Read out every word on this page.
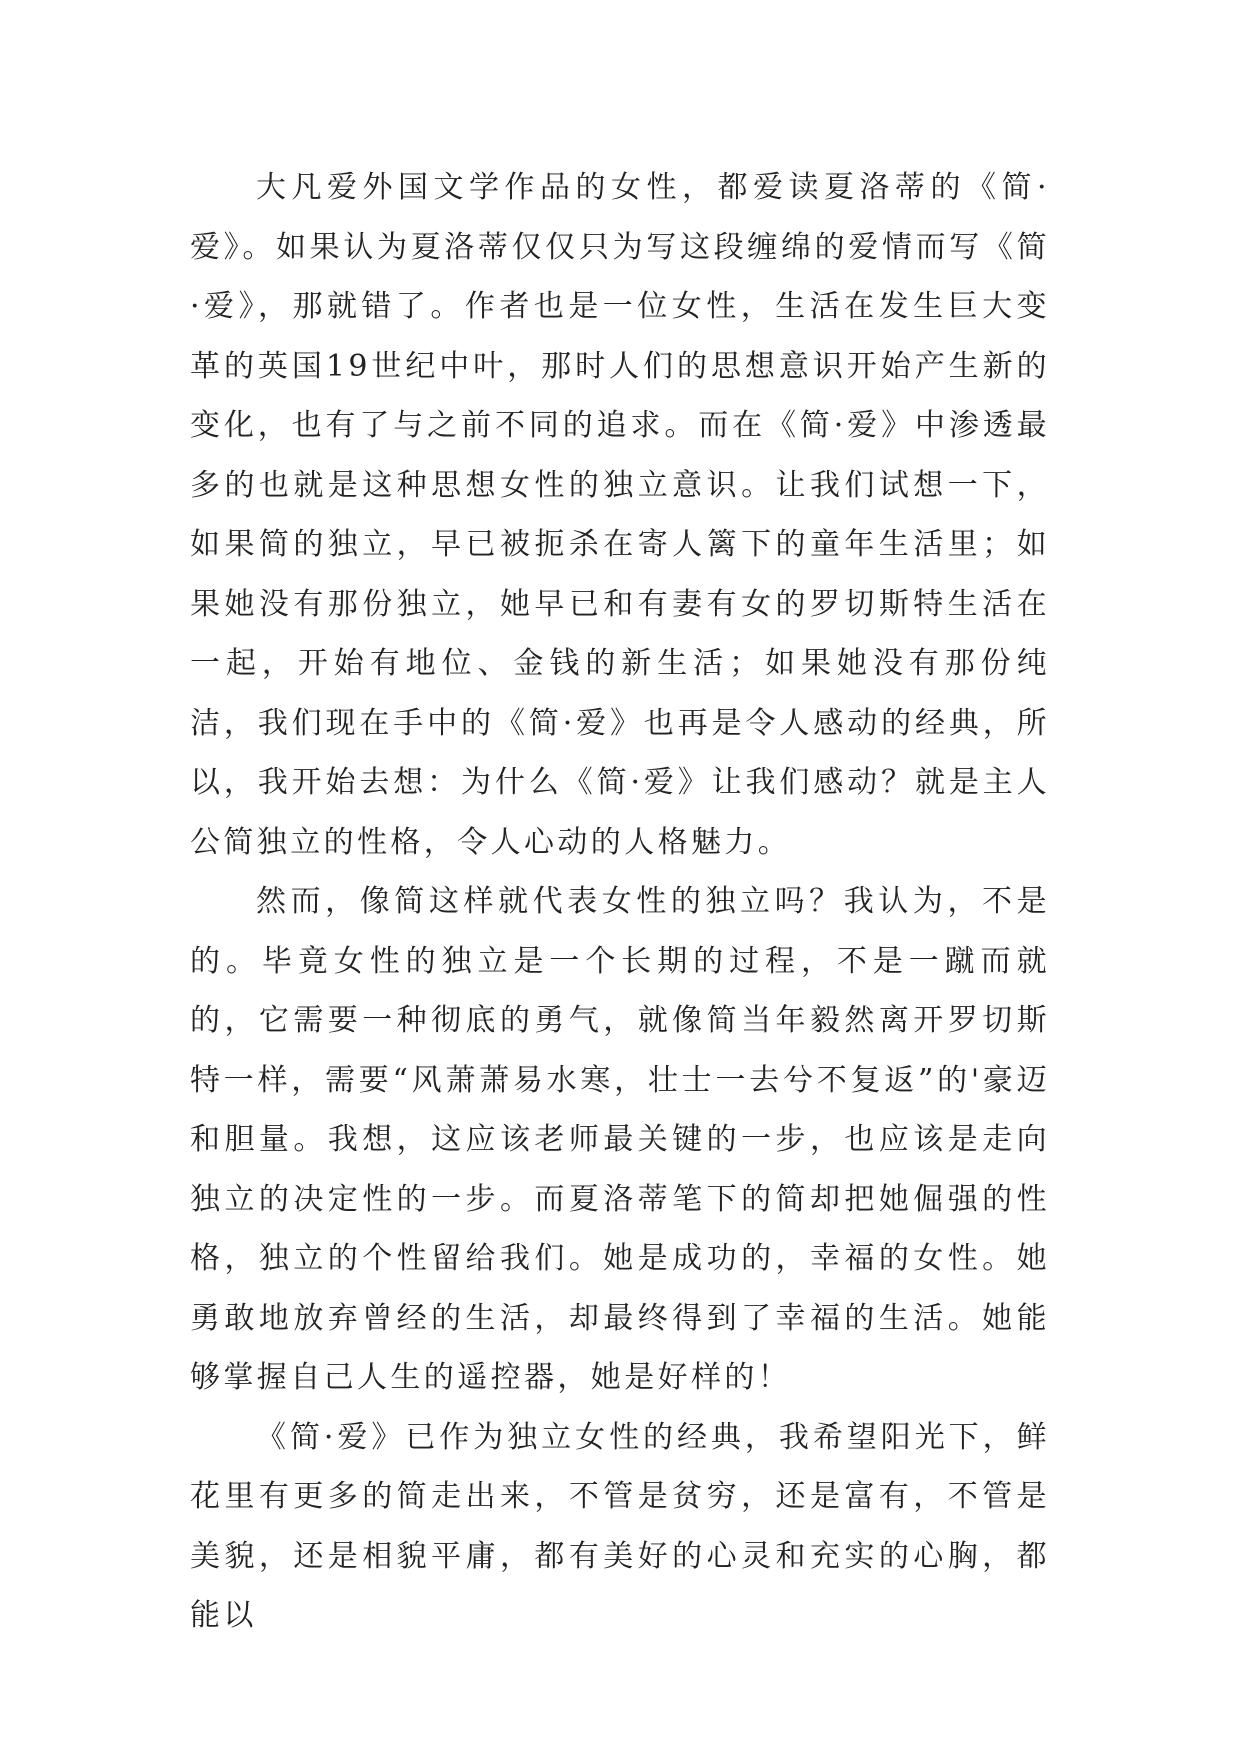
大凡爱外国文学作品的女性，都爱读夏洛蒂的《简·爱》。如果认为夏洛蒂仅仅只为写这段缠绵的爱情而写《简·爱》，那就错了。作者也是一位女性，生活在发生巨大变革的英国19世纪中叶，那时人们的思想意识开始产生新的变化，也有了与之前不同的追求。而在《简·爱》中渗透最多的也就是这种思想女性的独立意识。让我们试想一下，如果简的独立，早已被扼杀在寄人篱下的童年生活里；如果她没有那份独立，她早已和有妻有女的罗切斯特生活在一起，开始有地位、金钱的新生活；如果她没有那份纯洁，我们现在手中的《简·爱》也再是令人感动的经典，所以，我开始去想：为什么《简·爱》让我们感动？就是主人公简独立的性格，令人心动的人格魅力。

然而，像简这样就代表女性的独立吗？我认为，不是的。毕竟女性的独立是一个长期的过程，不是一蹴而就的，它需要一种彻底的勇气，就像简当年毅然离开罗切斯特一样，需要“风萧萧易水寒，壮士一去兮不复返”的'豪迈和胆量。我想，这应该老师最关键的一步，也应该是走向独立的决定性的一步。而夏洛蒂笔下的简却把她倔强的性格，独立的个性留给我们。她是成功的，幸福的女性。她勇敢地放弃曾经的生活，却最终得到了幸福的生活。她能够掌握自己人生的遥控器，她是好样的！

《简·爱》已作为独立女性的经典，我希望阳光下，鲜花里有更多的简走出来，不管是贫穷，还是富有，不管是美貌，还是相貌平庸，都有美好的心灵和充实的心胸，都能以
